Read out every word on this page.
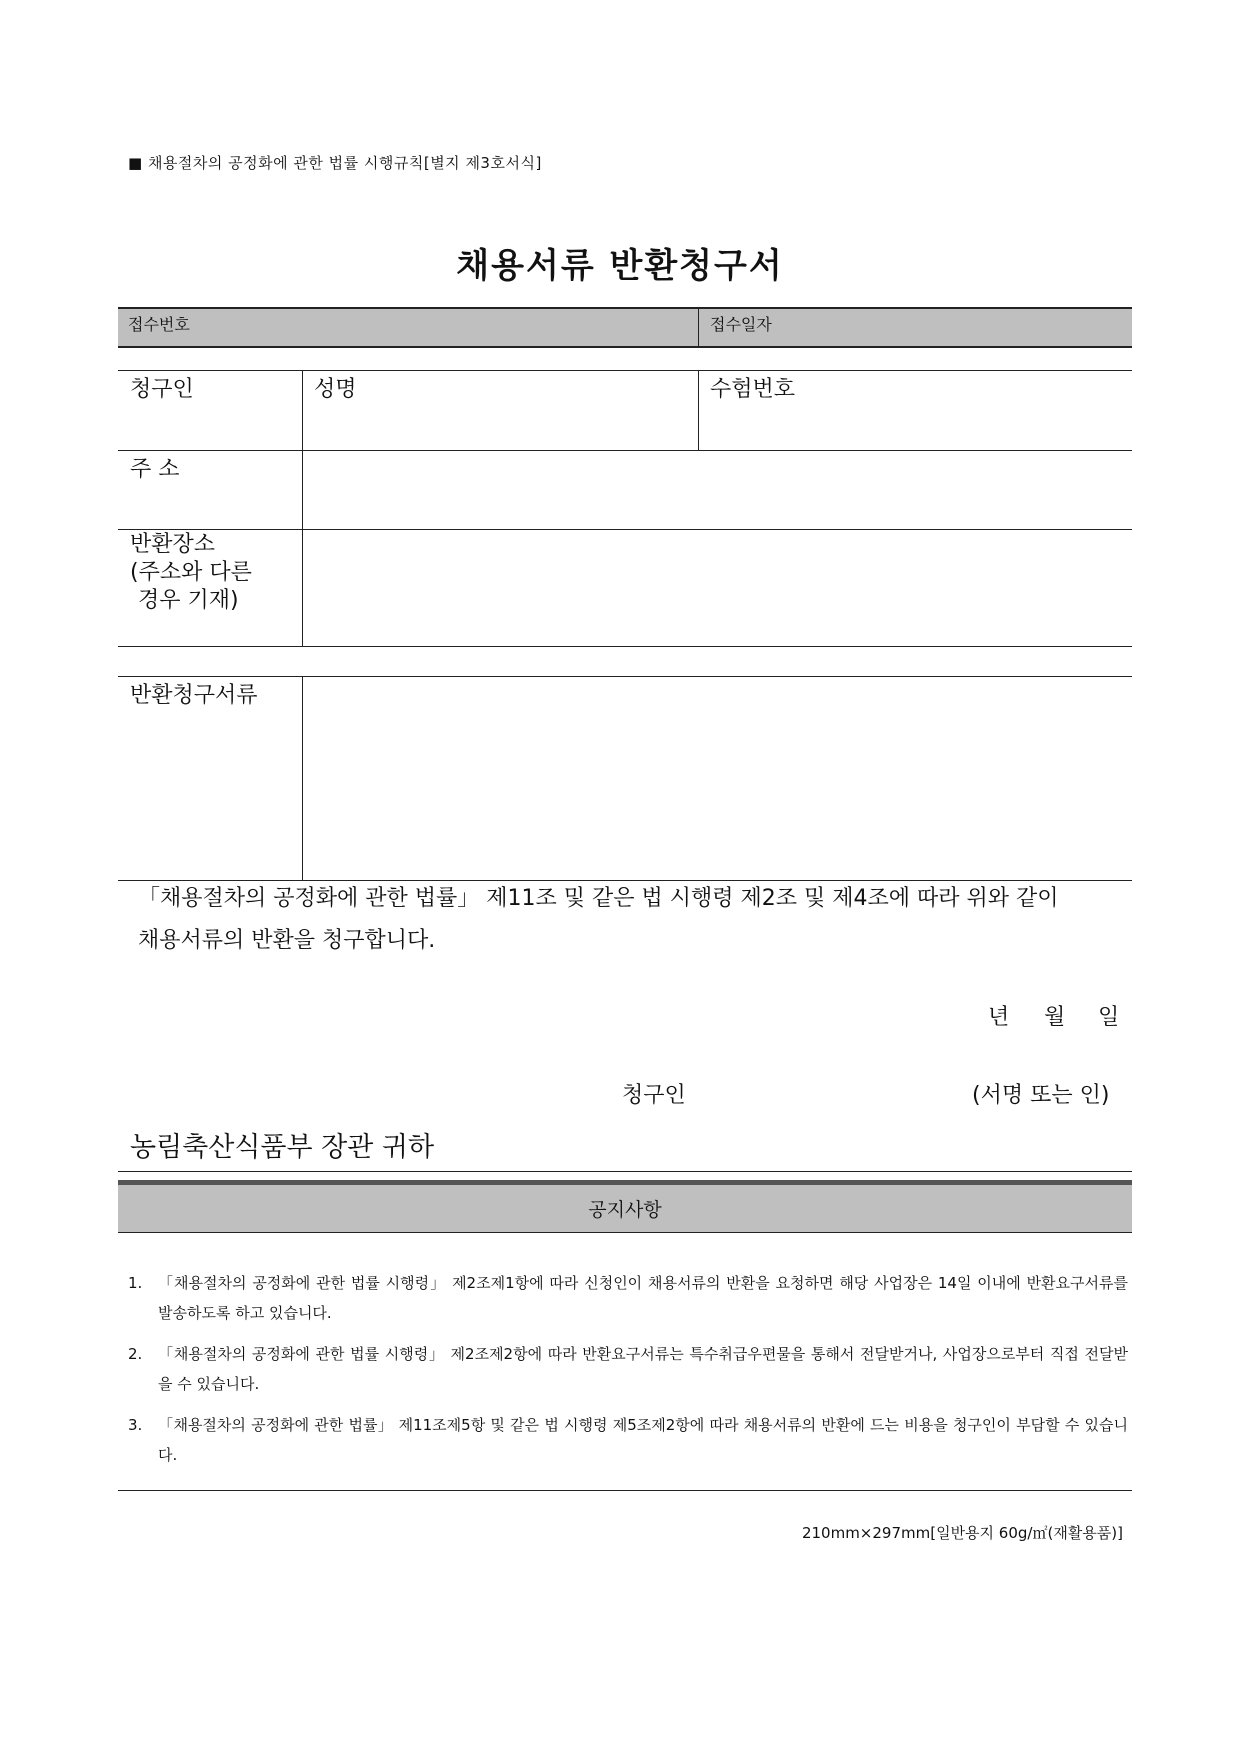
■ 채용절차의 공정화에 관한 법률 시행규칙[별지 제3호서식]
채용서류 반환청구서
접수번호	접수일자
청구인	성명	수험번호
주 소
반환장소
(주소와 다른
경우 기재)
반환청구서류
「채용절차의 공정화에 관한 법률」 제11조 및 같은 법 시행령 제2조 및 제4조에 따라 위와 같이
채용서류의 반환을 청구합니다.
년 월 일
청구인	(서명 또는 인)
농림축산식품부 장관 귀하
공지사항
1.	「채용절차의 공정화에 관한 법률 시행령」 제2조제1항에 따라 신청인이 채용서류의 반환을 요청하면 해당 사업장은 14일 이내에 반환요구서류를 발송하도록 하고 있습니다.
2.	「채용절차의 공정화에 관한 법률 시행령」 제2조제2항에 따라 반환요구서류는 특수취급우편물을 통해서 전달받거나, 사업장으로부터 직접 전달받을 수 있습니다.
3.	「채용절차의 공정화에 관한 법률」 제11조제5항 및 같은 법 시행령 제5조제2항에 따라 채용서류의 반환에 드는 비용을 청구인이 부담할 수 있습니다.
210mm×297mm[일반용지 60g/㎡(재활용품)]
